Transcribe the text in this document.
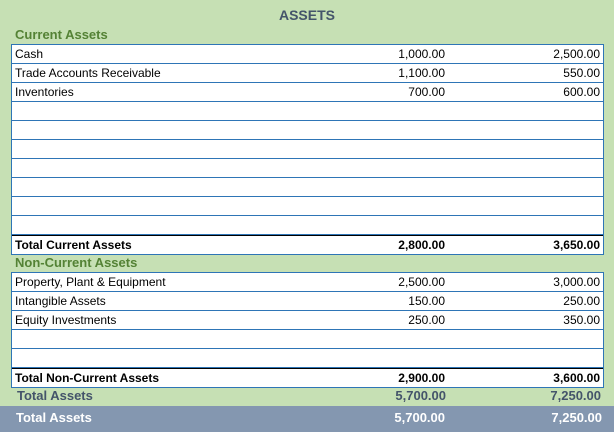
ASSETS
Current Assets
Cash	1,000.00	2,500.00
Trade Accounts Receivable	1,100.00	550.00
Inventories	700.00	600.00
Total Current Assets	2,800.00	3,650.00
Non-Current Assets
Property, Plant & Equipment	2,500.00	3,000.00
Intangible Assets	150.00	250.00
Equity Investments	250.00	350.00
Total Non-Current Assets	2,900.00	3,600.00
Total Assets	5,700.00	7,250.00
Total Assets	5,700.00	7,250.00
